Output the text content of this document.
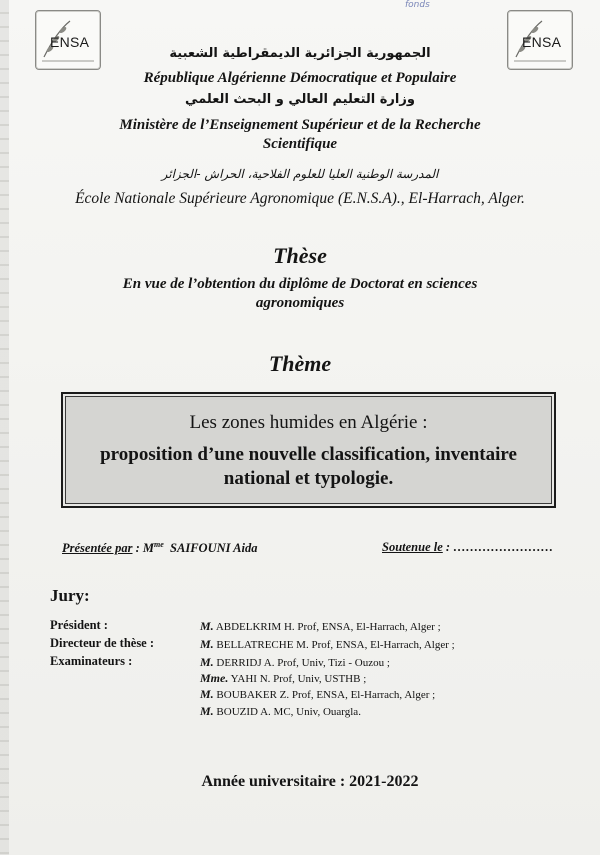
ENSA	ENSA
fonds
الجمهورية الجزائرية الديمقراطية الشعبية
République Algérienne Démocratique et Populaire
وزارة التعليم العالي و البحث العلمي
Ministère de l’Enseignement Supérieur et de la Recherche
Scientifique
المدرسة الوطنية العليا للعلوم الفلاحية، الحراش -الجزائر
École Nationale Supérieure Agronomique (E.N.S.A)., El-Harrach, Alger.
Thèse
En vue de l’obtention du diplôme de Doctorat en sciences
agronomiques
Thème
Les zones humides en Algérie :
proposition d’une nouvelle classification, inventaire
national et typologie.
Présentée par : $M^{me}$ SAIFOUNI Aida	Soutenue le : ……………………
Jury:
Président :
Directeur de thèse :
Examinateurs :
M. ABDELKRIM H. Prof, ENSA, El-Harrach, Alger ;
M. BELLATRECHE M. Prof, ENSA, El-Harrach, Alger ;
M. DERRIDJ A. Prof, Univ, Tizi - Ouzou ;
Mme. YAHI N. Prof, Univ, USTHB ;
M. BOUBAKER Z. Prof, ENSA, El-Harrach, Alger ;
M. BOUZID A. MC, Univ, Ouargla.
Année universitaire : 2021-2022
